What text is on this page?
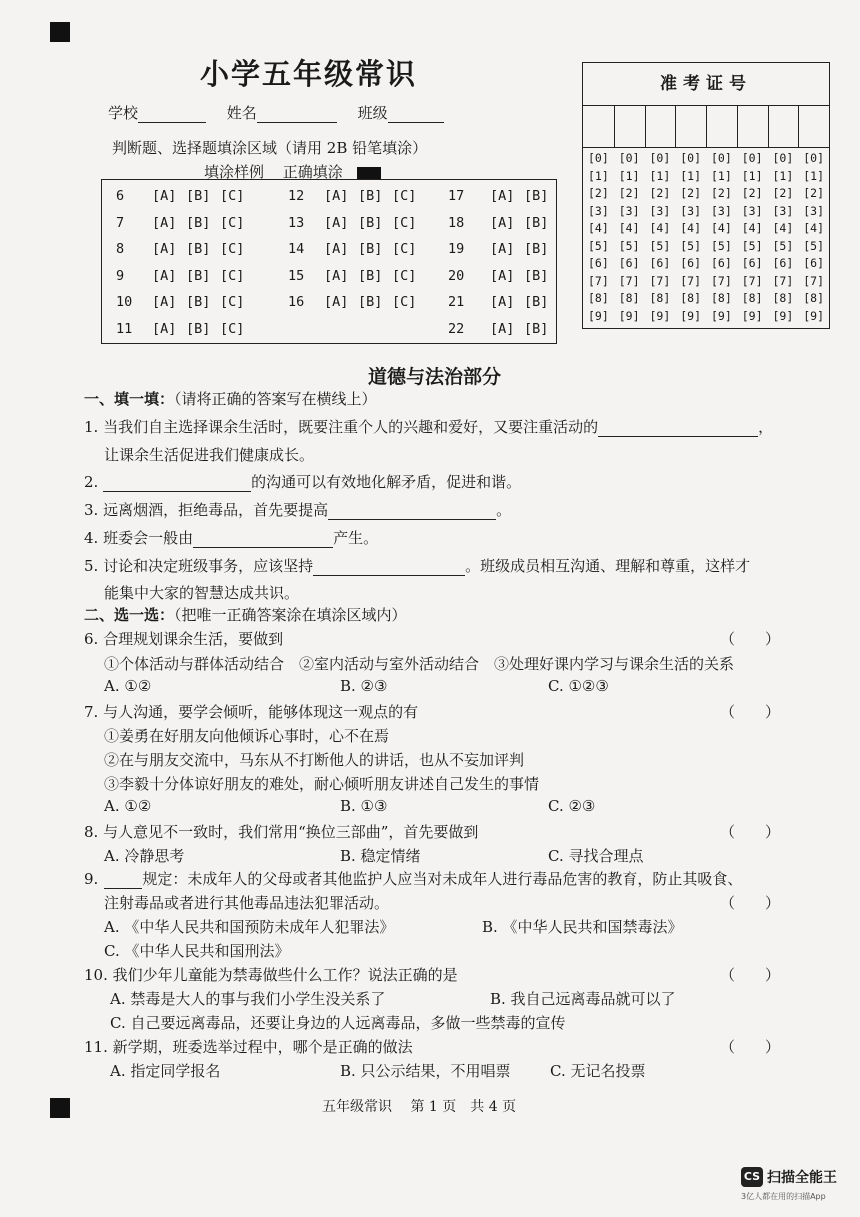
小学五年级常识
学校	姓名	班级
判断题、选择题填涂区域（请用 2B 铅笔填涂）
填涂样例 正确填涂
6	[A] [B] [C]	12	[A] [B] [C] 17	[A] [B]
7	[A] [B] [C]	13	[A] [B] [C] 18	[A] [B]
8	[A] [B] [C]	14	[A] [B] [C] 19	[A] [B]
9	[A] [B] [C]	15	[A] [B] [C] 20	[A] [B]
10	[A] [B] [C]	16	[A] [B] [C] 21	[A] [B]
11	[A] [B] [C]	22	[A] [B]
准考证号
[0] [0] [0] [0] [0] [0] [0] [0]
[1] [1] [1] [1] [1] [1] [1] [1]
[2] [2] [2] [2] [2] [2] [2] [2]
[3] [3] [3] [3] [3] [3] [3] [3]
[4] [4] [4] [4] [4] [4] [4] [4]
[5] [5] [5] [5] [5] [5] [5] [5]
[6] [6] [6] [6] [6] [6] [6] [6]
[7] [7] [7] [7] [7] [7] [7] [7]
[8] [8] [8] [8] [8] [8] [8] [8]
[9] [9] [9] [9] [9] [9] [9] [9]
道德与法治部分
一、填一填：（请将正确的答案写在横线上）
1. 当我们自主选择课余生活时，既要注重个人的兴趣和爱好，又要注重活动的	，
让课余生活促进我们健康成长。
2.	的沟通可以有效地化解矛盾，促进和谐。
3. 远离烟酒，拒绝毒品，首先要提高	。
4. 班委会一般由	产生。
5. 讨论和决定班级事务，应该坚持	。班级成员相互沟通、理解和尊重，这样才
能集中大家的智慧达成共识。
二、选一选：（把唯一正确答案涂在填涂区域内）
6. 合理规划课余生活，要做到	（　　）
①个体活动与群体活动结合　②室内活动与室外活动结合　③处理好课内学习与课余生活的关系
A. ①②	B. ②③	C. ①②③
7. 与人沟通，要学会倾听，能够体现这一观点的有	（　　）
①姜勇在好朋友向他倾诉心事时，心不在焉
②在与朋友交流中，马东从不打断他人的讲话，也从不妄加评判
③李毅十分体谅好朋友的难处，耐心倾听朋友讲述自己发生的事情
A. ①②	B. ①③	C. ②③
8. 与人意见不一致时，我们常用“换位三部曲”，首先要做到	（　　）
A. 冷静思考	B. 稳定情绪	C. 寻找合理点
9.	规定：未成年人的父母或者其他监护人应当对未成年人进行毒品危害的教育，防止其吸食、
注射毒品或者进行其他毒品违法犯罪活动。	（　　）
A. 《中华人民共和国预防未成年人犯罪法》	B. 《中华人民共和国禁毒法》
C. 《中华人民共和国刑法》
10. 我们少年儿童能为禁毒做些什么工作？说法正确的是	（　　）
A. 禁毒是大人的事与我们小学生没关系了	B. 我自己远离毒品就可以了
C. 自己要远离毒品，还要让身边的人远离毒品，多做一些禁毒的宣传
11. 新学期，班委选举过程中，哪个是正确的做法	（　　）
A. 指定同学报名	B. 只公示结果，不用唱票	C. 无记名投票
五年级常识　 第 1 页　共 4 页
CS 扫描全能王
3亿人都在用的扫描App
